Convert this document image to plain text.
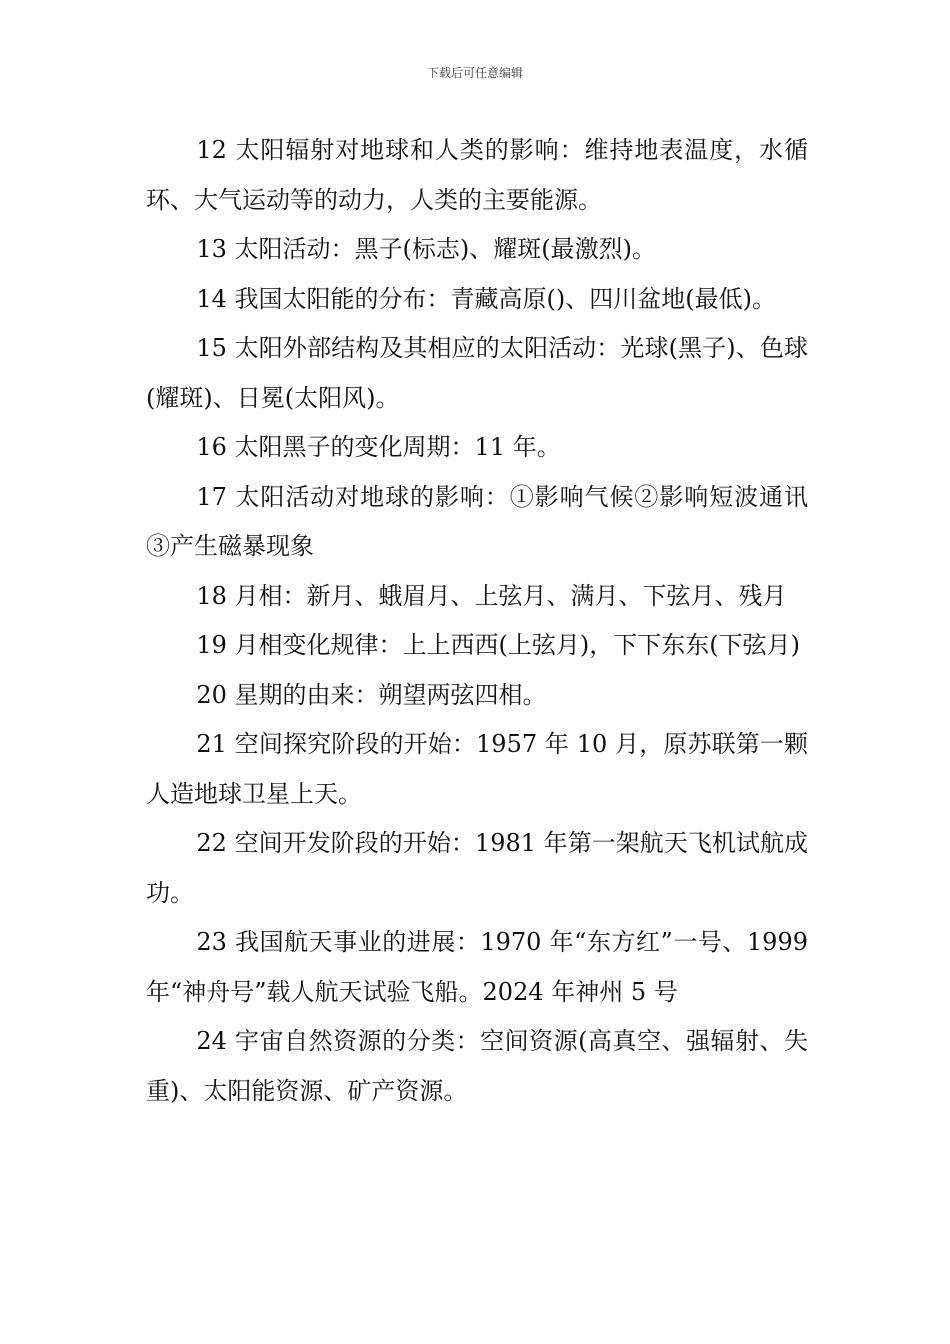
下载后可任意编辑

12 太阳辐射对地球和人类的影响：维持地表温度，水循环、大气运动等的动力，人类的主要能源。

13 太阳活动：黑子(标志)、耀斑(最激烈)。

14 我国太阳能的分布：青藏高原()、四川盆地(最低)。

15 太阳外部结构及其相应的太阳活动：光球(黑子)、色球(耀斑)、日冕(太阳风)。

16 太阳黑子的变化周期：11 年。

17 太阳活动对地球的影响：①影响气候②影响短波通讯③产生磁暴现象

18 月相：新月、蛾眉月、上弦月、满月、下弦月、残月

19 月相变化规律：上上西西(上弦月)，下下东东(下弦月)

20 星期的由来：朔望两弦四相。

21 空间探究阶段的开始：1957 年 10 月，原苏联第一颗人造地球卫星上天。

22 空间开发阶段的开始：1981 年第一架航天飞机试航成功。

23 我国航天事业的进展：1970 年“东方红”一号、1999 年“神舟号”载人航天试验飞船。2024 年神州 5 号

24 宇宙自然资源的分类：空间资源(高真空、强辐射、失重)、太阳能资源、矿产资源。
